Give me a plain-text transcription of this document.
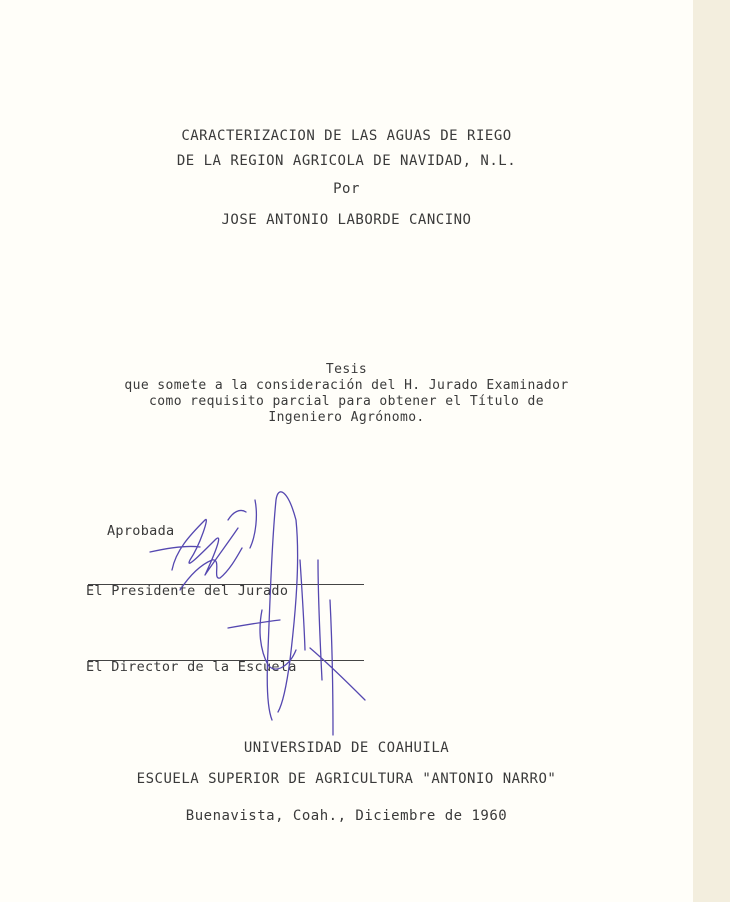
CARACTERIZACION DE LAS AGUAS DE RIEGO
DE LA REGION AGRICOLA DE NAVIDAD, N.L.
Por
JOSE ANTONIO LABORDE CANCINO
Tesis
que somete a la consideración del H. Jurado Examinador
como requisito parcial para obtener el Título de
Ingeniero Agrónomo.
Aprobada
El Presidente del Jurado
El Director de la Escuela
UNIVERSIDAD DE COAHUILA
ESCUELA SUPERIOR DE AGRICULTURA "ANTONIO NARRO"
Buenavista, Coah., Diciembre de 1960
